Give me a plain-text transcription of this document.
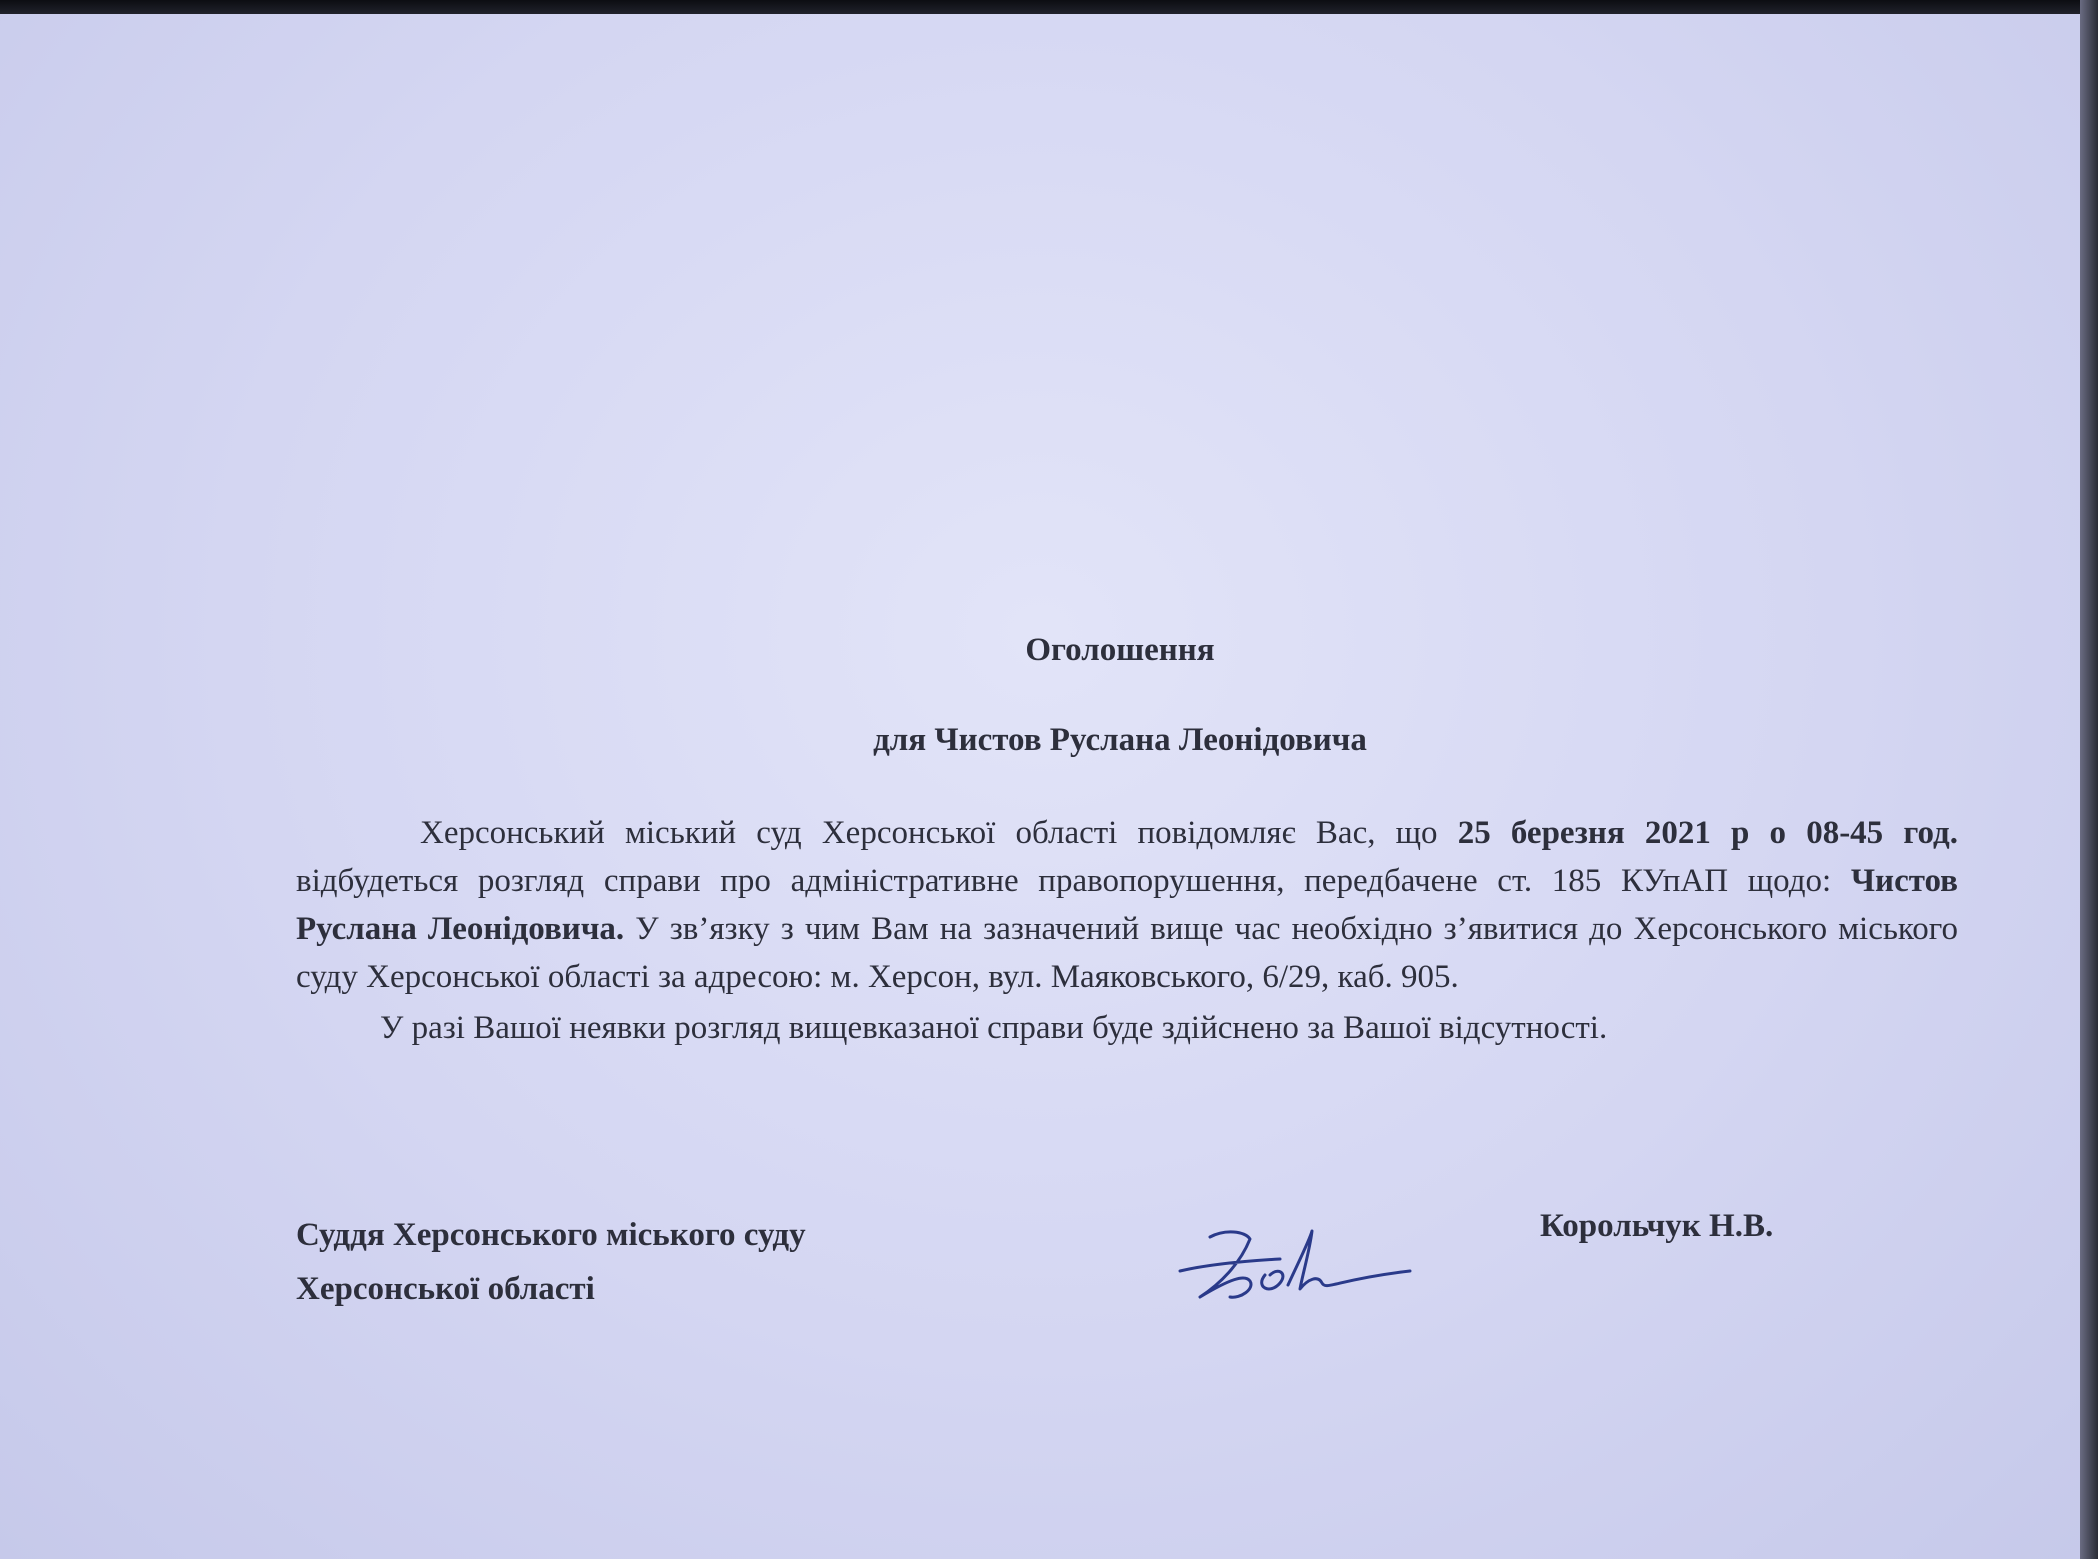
Оголошення
для Чистов Руслана Леонідовича

Херсонський міський суд Херсонської області повідомляє Вас, що 25 березня 2021 р о 08-45 год. відбудеться розгляд справи про адміністративне правопорушення, передбачене ст. 185 КУпАП щодо: Чистов Руслана Леонідовича. У зв’язку з чим Вам на зазначений вище час необхідно з’явитися до Херсонського міського суду Херсонської області за адресою: м. Херсон, вул. Маяковського, 6/29, каб. 905.

У разі Вашої неявки розгляд вищевказаної справи буде здійснено за Вашої відсутності.

Суддя Херсонського міського суду
Херсонської області
Корольчук Н.В.
